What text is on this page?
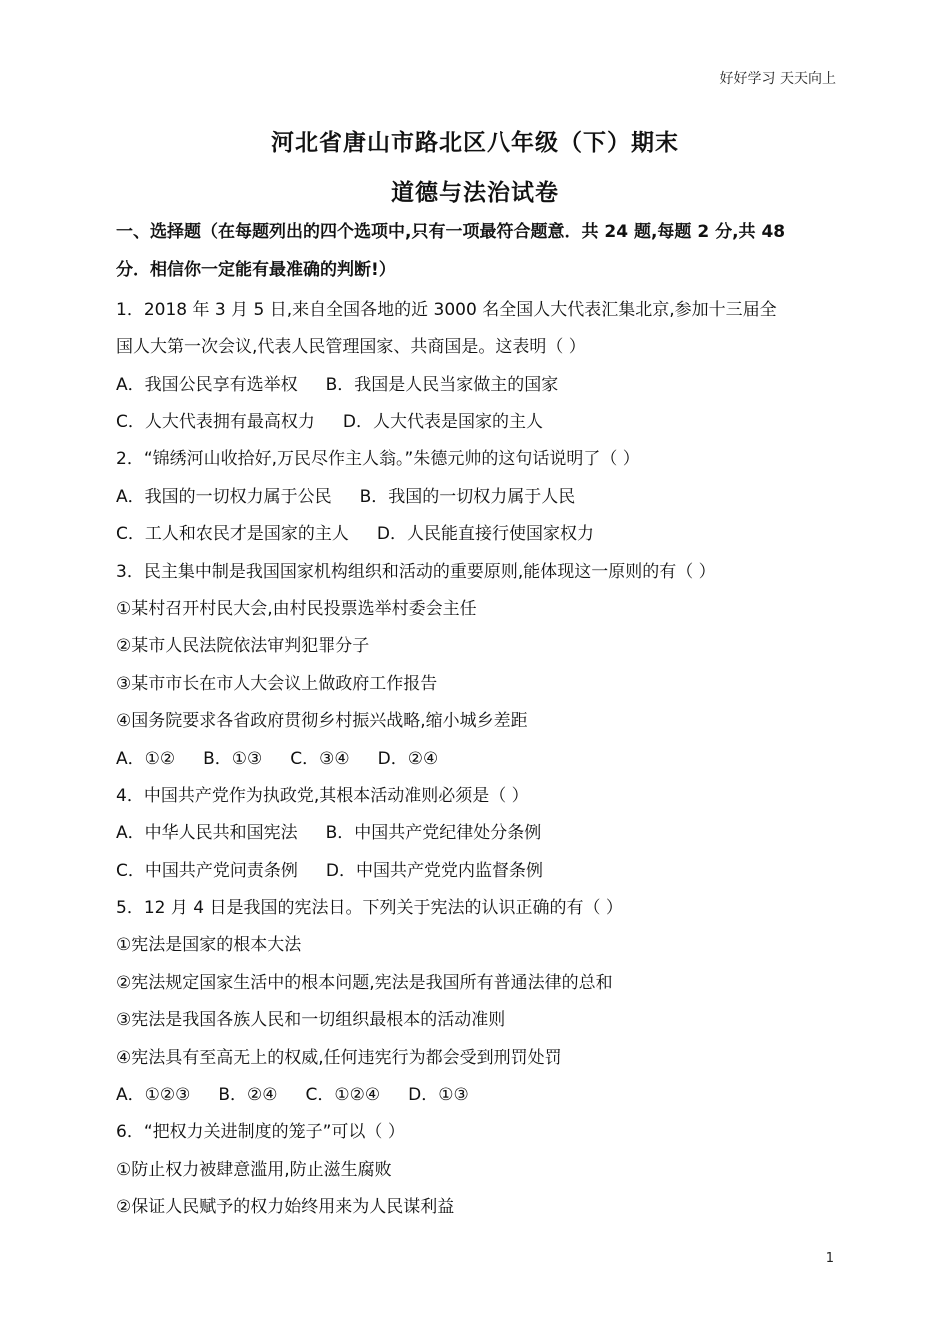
好好学习 天天向上
河北省唐山市路北区八年级（下）期末
道德与法治试卷
一、选择题（在每题列出的四个选项中,只有一项最符合题意．共 24 题,每题 2 分,共 48
分．相信你一定能有最准确的判断!）
1．2018 年 3 月 5 日,来自全国各地的近 3000 名全国人大代表汇集北京,参加十三届全
国人大第一次会议,代表人民管理国家、共商国是。这表明（ ）
A．我国公民享有选举权 B．我国是人民当家做主的国家
C．人大代表拥有最高权力 D．人大代表是国家的主人
2．“锦绣河山收拾好,万民尽作主人翁。”朱德元帅的这句话说明了（ ）
A．我国的一切权力属于公民 B．我国的一切权力属于人民
C．工人和农民才是国家的主人 D．人民能直接行使国家权力
3．民主集中制是我国国家机构组织和活动的重要原则,能体现这一原则的有（ ）
①某村召开村民大会,由村民投票选举村委会主任
②某市人民法院依法审判犯罪分子
③某市市长在市人大会议上做政府工作报告
④国务院要求各省政府贯彻乡村振兴战略,缩小城乡差距
A．①② B．①③ C．③④ D．②④
4．中国共产党作为执政党,其根本活动准则必须是（ ）
A．中华人民共和国宪法 B．中国共产党纪律处分条例
C．中国共产党问责条例 D．中国共产党党内监督条例
5．12 月 4 日是我国的宪法日。下列关于宪法的认识正确的有（ ）
①宪法是国家的根本大法
②宪法规定国家生活中的根本问题,宪法是我国所有普通法律的总和
③宪法是我国各族人民和一切组织最根本的活动准则
④宪法具有至高无上的权威,任何违宪行为都会受到刑罚处罚
A．①②③ B．②④ C．①②④ D．①③
6．“把权力关进制度的笼子”可以（ ）
①防止权力被肆意滥用,防止滋生腐败
②保证人民赋予的权力始终用来为人民谋利益
1
